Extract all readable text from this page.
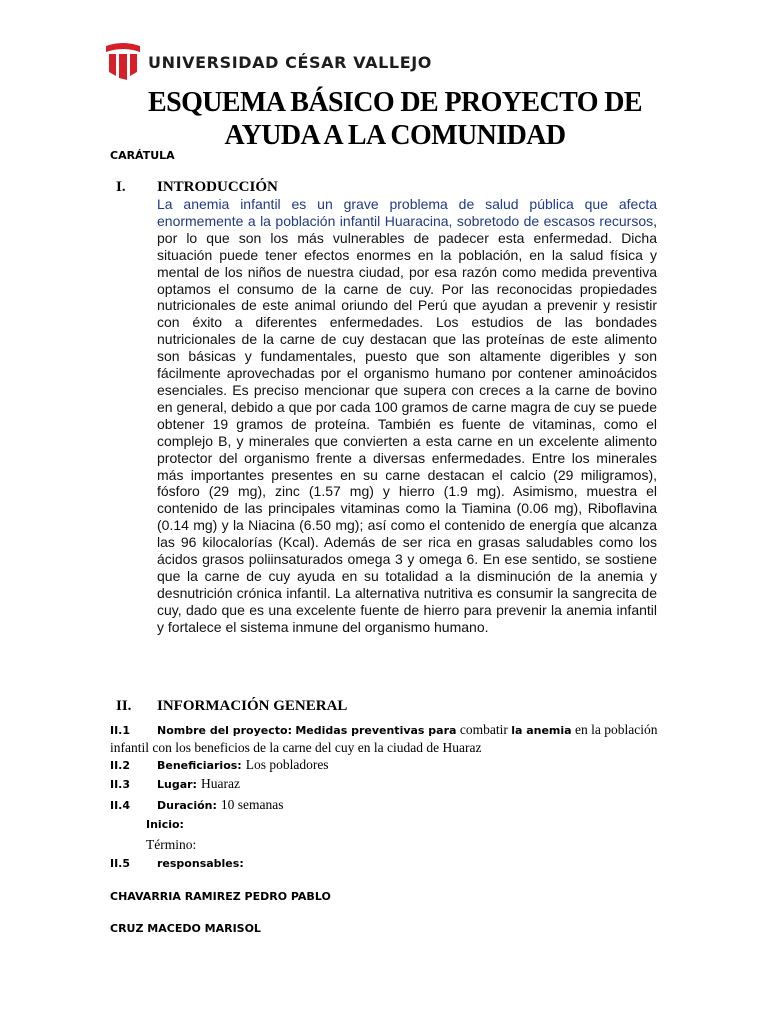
UNIVERSIDAD CÉSAR VALLEJO
ESQUEMA BÁSICO DE PROYECTO DE
AYUDA A LA COMUNIDAD
CARÁTULA
I.	INTRODUCCIÓN
La anemia infantil es un grave problema de salud pública que afecta enormemente a la población infantil Huaracina, sobretodo de escasos recursos, por lo que son los más vulnerables de padecer esta enfermedad. Dicha situación puede tener efectos enormes en la población, en la salud física y mental de los niños de nuestra ciudad, por esa razón como medida preventiva optamos el consumo de la carne de cuy. Por las reconocidas propiedades nutricionales de este animal oriundo del Perú que ayudan a prevenir y resistir con éxito a diferentes enfermedades. Los estudios de las bondades nutricionales de la carne de cuy destacan que las proteínas de este alimento son básicas y fundamentales, puesto que son altamente digeribles y son fácilmente aprovechadas por el organismo humano por contener aminoácidos esenciales. Es preciso mencionar que supera con creces a la carne de bovino en general, debido a que por cada 100 gramos de carne magra de cuy se puede obtener 19 gramos de proteína. También es fuente de vitaminas, como el complejo B, y minerales que convierten a esta carne en un excelente alimento protector del organismo frente a diversas enfermedades. Entre los minerales más importantes presentes en su carne destacan el calcio (29 miligramos), fósforo (29 mg), zinc (1.57 mg) y hierro (1.9 mg). Asimismo, muestra el contenido de las principales vitaminas como la Tiamina (0.06 mg), Riboflavina (0.14 mg) y la Niacina (6.50 mg); así como el contenido de energía que alcanza las 96 kilocalorías (Kcal). Además de ser rica en grasas saludables como los ácidos grasos poliinsaturados omega 3 y omega 6. En ese sentido, se sostiene que la carne de cuy ayuda en su totalidad a la disminución de la anemia y desnutrición crónica infantil. La alternativa nutritiva es consumir la sangrecita de cuy, dado que es una excelente fuente de hierro para prevenir la anemia infantil y fortalece el sistema inmune del organismo humano.
II.	INFORMACIÓN GENERAL
II.1 Nombre del proyecto: Medidas preventivas para combatir la anemia en la población infantil con los beneficios de la carne del cuy en la ciudad de Huaraz
II.2	Beneficiarios: Los pobladores
II.3	Lugar: Huaraz
II.4	Duración: 10 semanas
Inicio:
Término:
II.5	responsables:
CHAVARRIA RAMIREZ PEDRO PABLO
CRUZ MACEDO MARISOL
